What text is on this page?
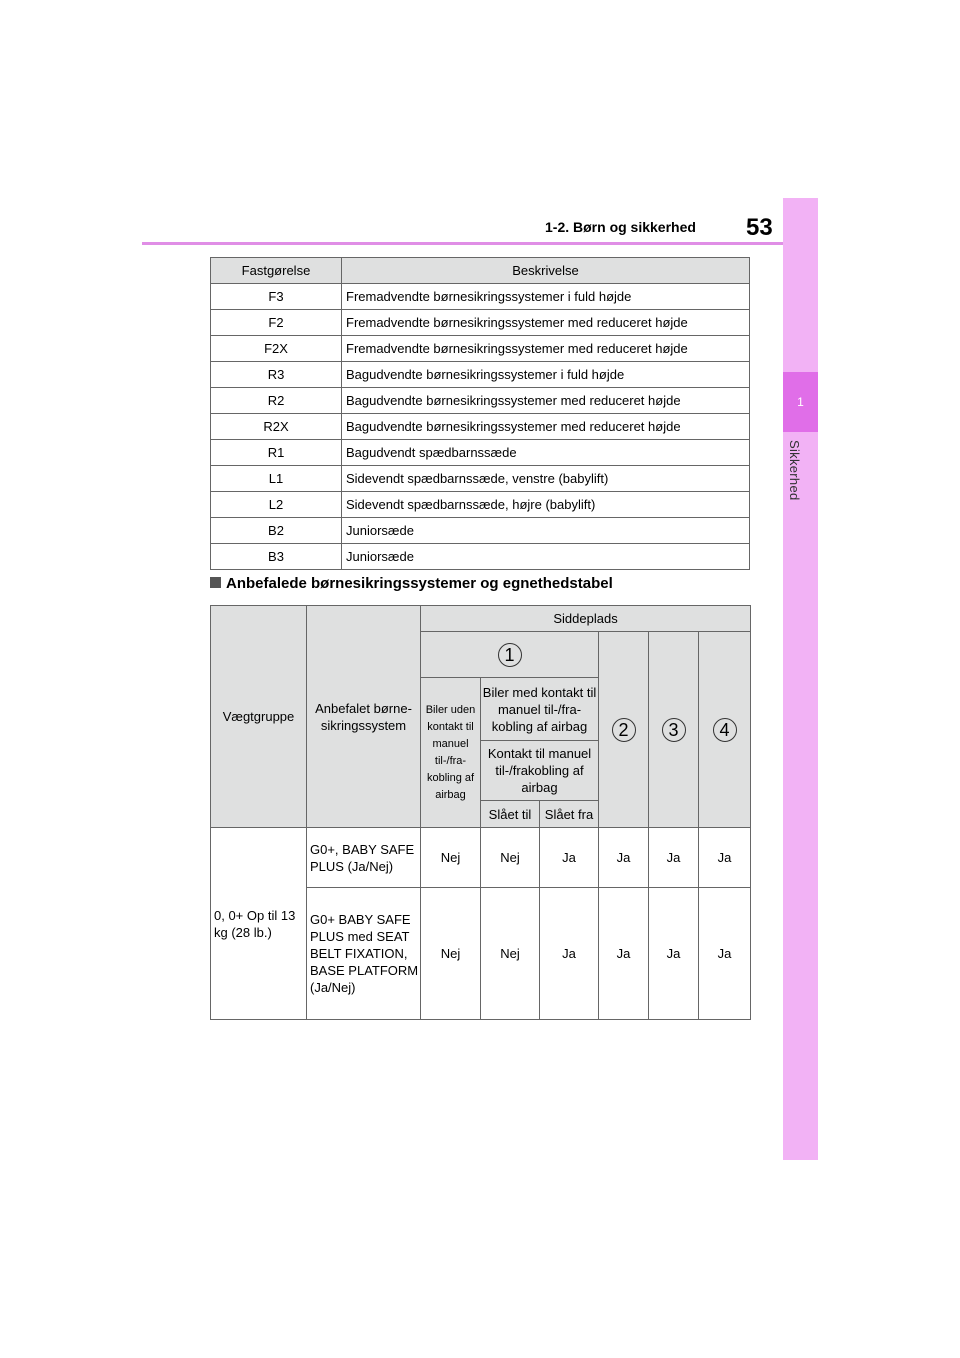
1-2. Børn og sikkerhed 53
1
Sikkerhed
Fastgørelse	Beskrivelse
F3	Fremadvendte børnesikringssystemer i fuld højde
F2	Fremadvendte børnesikringssystemer med reduceret højde
F2X	Fremadvendte børnesikringssystemer med reduceret højde
R3	Bagudvendte børnesikringssystemer i fuld højde
R2	Bagudvendte børnesikringssystemer med reduceret højde
R2X	Bagudvendte børnesikringssystemer med reduceret højde
R1	Bagudvendt spædbarnssæde
L1	Sidevendt spædbarnssæde, venstre (babylift)
L2	Sidevendt spædbarnssæde, højre (babylift)
B2	Juniorsæde
B3	Juniorsæde
Anbefalede børnesikringssystemer og egnethedstabel
Vægtgruppe	Anbefalet børne-sikringssystem	Siddeplads					
		1			2	3	4
		Biler uden kontakt til manuel til-/fra-kobling af airbag	Biler med kontakt til manuel til-/fra-kobling af airbag				
			Kontakt til manuel til-/frakobling af airbag				
			Slået til	Slået fra			
0, 0+ Op til 13 kg (28 lb.)	G0+, BABY SAFE PLUS (Ja/Nej)	Nej	Nej	Ja	Ja	Ja	Ja
	G0+ BABY SAFE PLUS med SEAT BELT FIXATION, BASE PLATFORM (Ja/Nej)	Nej	Nej	Ja	Ja	Ja	Ja
